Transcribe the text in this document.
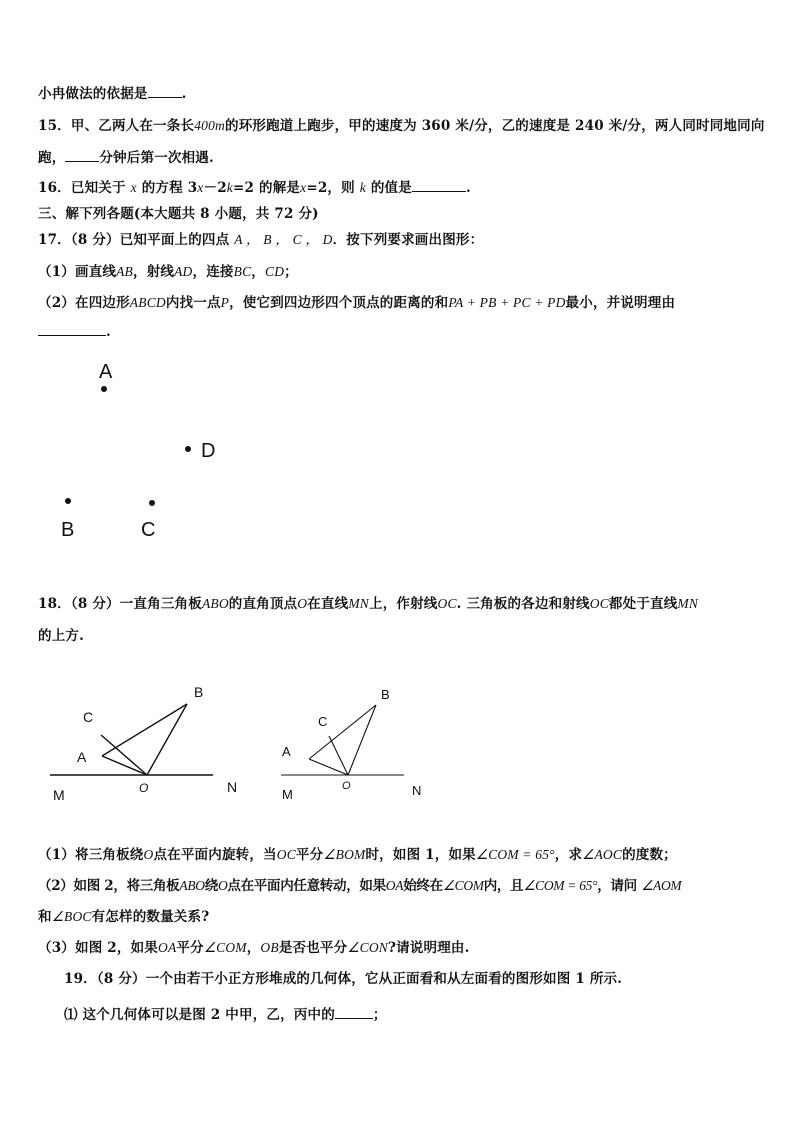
小冉做法的依据是	.
15．甲、乙两人在一条长400m的环形跑道上跑步，甲的速度为 360 米/分，乙的速度是 240 米/分，两人同时同地同向
跑，	分钟后第一次相遇.
16．已知关于 x 的方程 3x－2k=2 的解是x=2，则 k 的值是	.
三、解下列各题(本大题共 8 小题，共 72 分)
17．（8 分）已知平面上的四点 A ， B ， C ， D．按下列要求画出图形：
（1）画直线AB，射线AD，连接BC，CD；
（2）在四边形ABCD内找一点P，使它到四边形四个顶点的距离的和PA + PB + PC + PD最小，并说明理由
.
A
D
B	C
18．（8 分）一直角三角板ABO的直角顶点O在直线MN上，作射线OC. 三角板的各边和射线OC都处于直线MN
的上方.
B
C
A
O
M	N
B
C
A
O
M	N
（1）将三角板绕O点在平面内旋转，当OC平分∠BOM时，如图 1，如果∠COM = 65°，求∠AOC的度数；
（2）如图 2，将三角板ABO绕O点在平面内任意转动，如果OA始终在∠COM内，且∠COM = 65°，请问 ∠AOM
和∠BOC有怎样的数量关系?
（3）如图 2，如果OA平分∠COM，OB是否也平分∠CON?请说明理由.
19．（8 分）一个由若干小正方形堆成的几何体，它从正面看和从左面看的图形如图 1 所示.
⑴ 这个几何体可以是图 2 中甲，乙，丙中的	；
